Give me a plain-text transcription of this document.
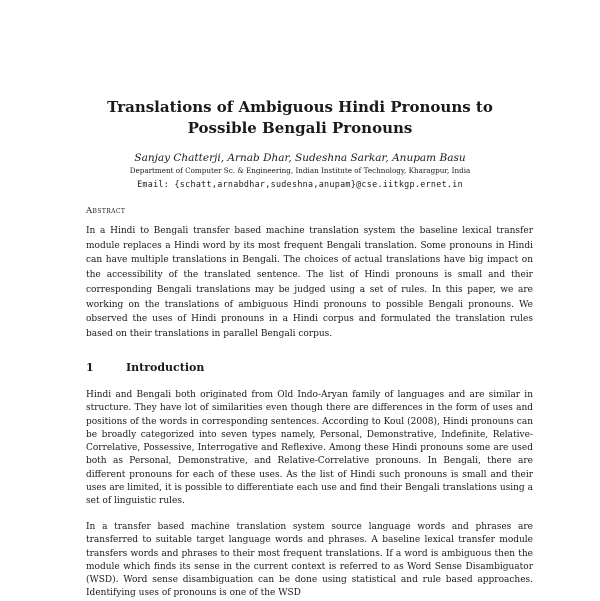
Translations of Ambiguous Hindi Pronouns to
Possible Bengali Pronouns
Sanjay Chatterji, Arnab Dhar, Sudeshna Sarkar, Anupam Basu
Department of Computer Sc. & Engineering, Indian Institute of Technology, Kharagpur, India
Email: {schatt,arnabdhar,sudeshna,anupam}@cse.iitkgp.ernet.in
Abstract
In a Hindi to Bengali transfer based machine translation system the baseline lexical transfer module replaces a Hindi word by its most frequent Bengali translation. Some pronouns in Hindi can have multiple translations in Bengali. The choices of actual translations have big impact on the accessibility of the translated sentence. The list of Hindi pronouns is small and their corresponding Bengali translations may be judged using a set of rules. In this paper, we are working on the translations of ambiguous Hindi pronouns to possible Bengali pronouns. We observed the uses of Hindi pronouns in a Hindi corpus and formulated the translation rules based on their translations in parallel Bengali corpus.
1	Introduction
Hindi and Bengali both originated from Old Indo-Aryan family of languages and are similar in structure. They have lot of similarities even though there are differences in the form of uses and positions of the words in corresponding sentences. According to Koul (2008), Hindi pronouns can be broadly categorized into seven types namely, Personal, Demonstrative, Indefinite, Relative-Correlative, Possessive, Interrogative and Reflexive. Among these Hindi pronouns some are used both as Personal, Demonstrative, and Relative-Correlative pronouns. In Bengali, there are different pronouns for each of these uses. As the list of Hindi such pronouns is small and their uses are limited, it is possible to differentiate each use and find their Bengali translations using a set of linguistic rules.
In a transfer based machine translation system source language words and phrases are transferred to suitable target language words and phrases. A baseline lexical transfer module transfers words and phrases to their most frequent translations. If a word is ambiguous then the module which finds its sense in the current context is referred to as Word Sense Disambiguator (WSD). Word sense disambiguation can be done using statistical and rule based approaches. Identifying uses of pronouns is one of the WSD
